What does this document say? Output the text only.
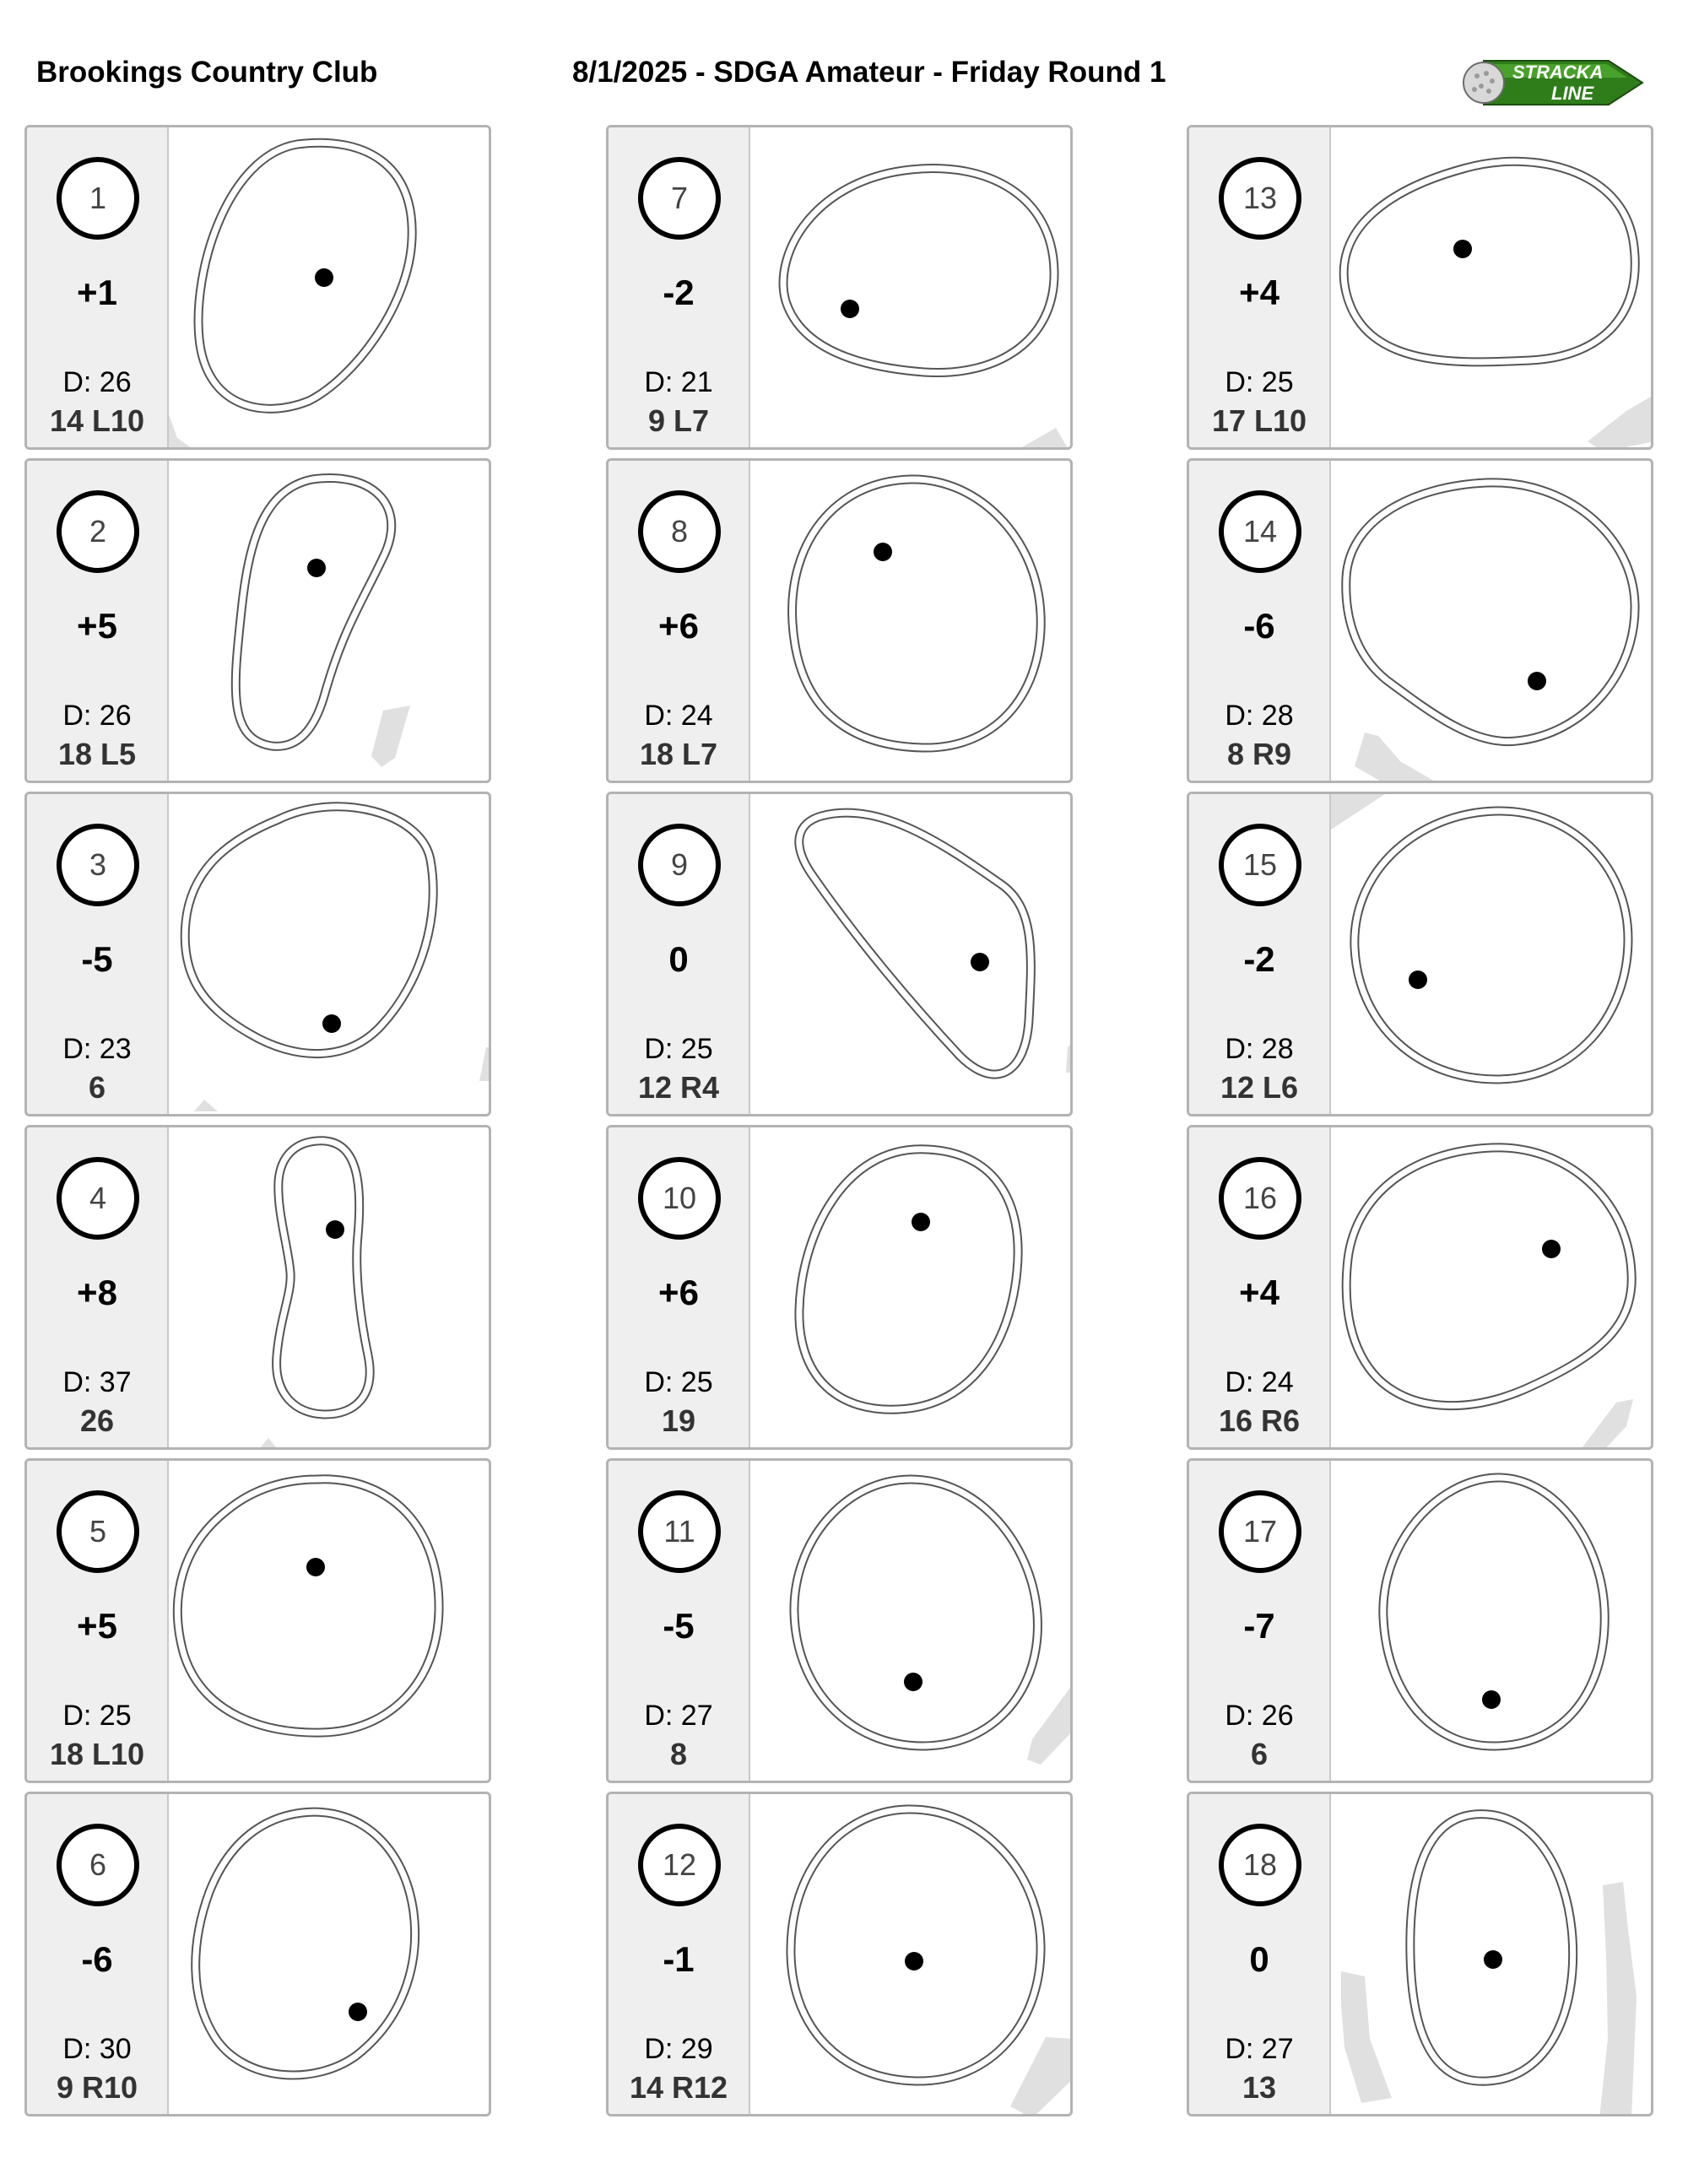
Brookings Country Club	8/1/2025 - SDGA Amateur - Friday Round 1	STRACKA
LINE
1
+1
D: 26
14 L10
2
+5
D: 26
18 L5
3
-5
D: 23
6
4
+8
D: 37
26
5
+5
D: 25
18 L10
6
-6
D: 30
9 R10
7
-2
D: 21
9 L7
8
+6
D: 24
18 L7
9
0
D: 25
12 R4
10
+6
D: 25
19
11
-5
D: 27
8
12
-1
D: 29
14 R12
13
+4
D: 25
17 L10
14
-6
D: 28
8 R9
15
-2
D: 28
12 L6
16
+4
D: 24
16 R6
17
-7
D: 26
6
18
0
D: 27
13
